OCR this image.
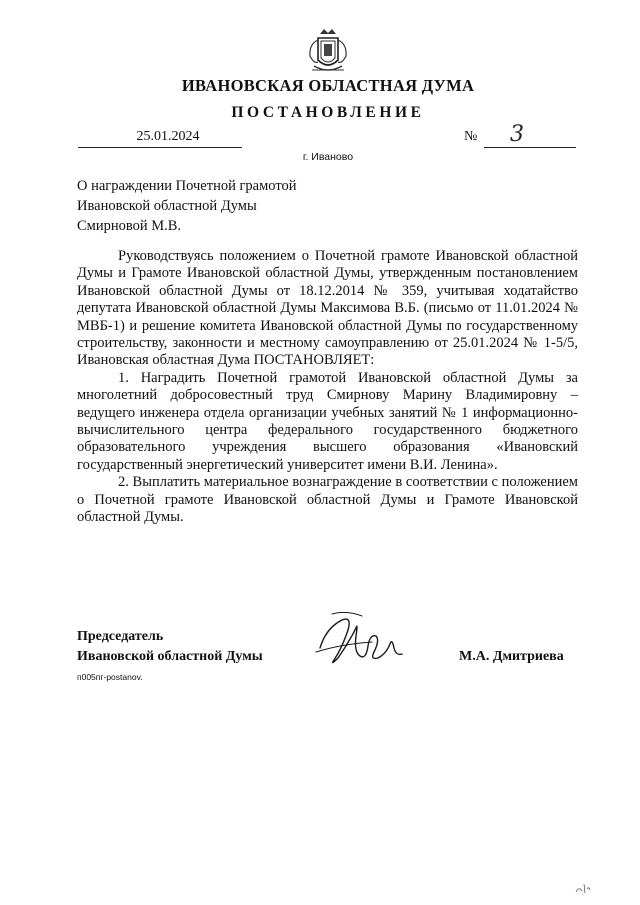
ИВАНОВСКАЯ ОБЛАСТНАЯ ДУМА
ПОСТАНОВЛЕНИЕ
25.01.2024	№ 3
г. Иваново
О награждении Почетной грамотой
Ивановской областной Думы
Смирновой М.В.

Руководствуясь положением о Почетной грамоте Ивановской областной Думы и Грамоте Ивановской областной Думы, утвержденным постановлением Ивановской областной Думы от 18.12.2014 № 359, учитывая ходатайство депутата Ивановской областной Думы Максимова В.Б. (письмо от 11.01.2024 № МВБ-1) и решение комитета Ивановской областной Думы по государственному строительству, законности и местному самоуправлению от 25.01.2024 № 1-5/5, Ивановская областная Дума ПОСТАНОВЛЯЕТ:

1. Наградить Почетной грамотой Ивановской областной Думы за многолетний добросовестный труд Смирнову Марину Владимировну – ведущего инженера отдела организации учебных занятий № 1 информационно-вычислительного центра федерального государственного бюджетного образовательного учреждения высшего образования «Ивановский государственный энергетический университет имени В.И. Ленина».

2. Выплатить материальное вознаграждение в соответствии с положением о Почетной грамоте Ивановской областной Думы и Грамоте Ивановской областной Думы.

Председатель
Ивановской областной Думы	М.А. Дмитриева
п005пг-postanov.
